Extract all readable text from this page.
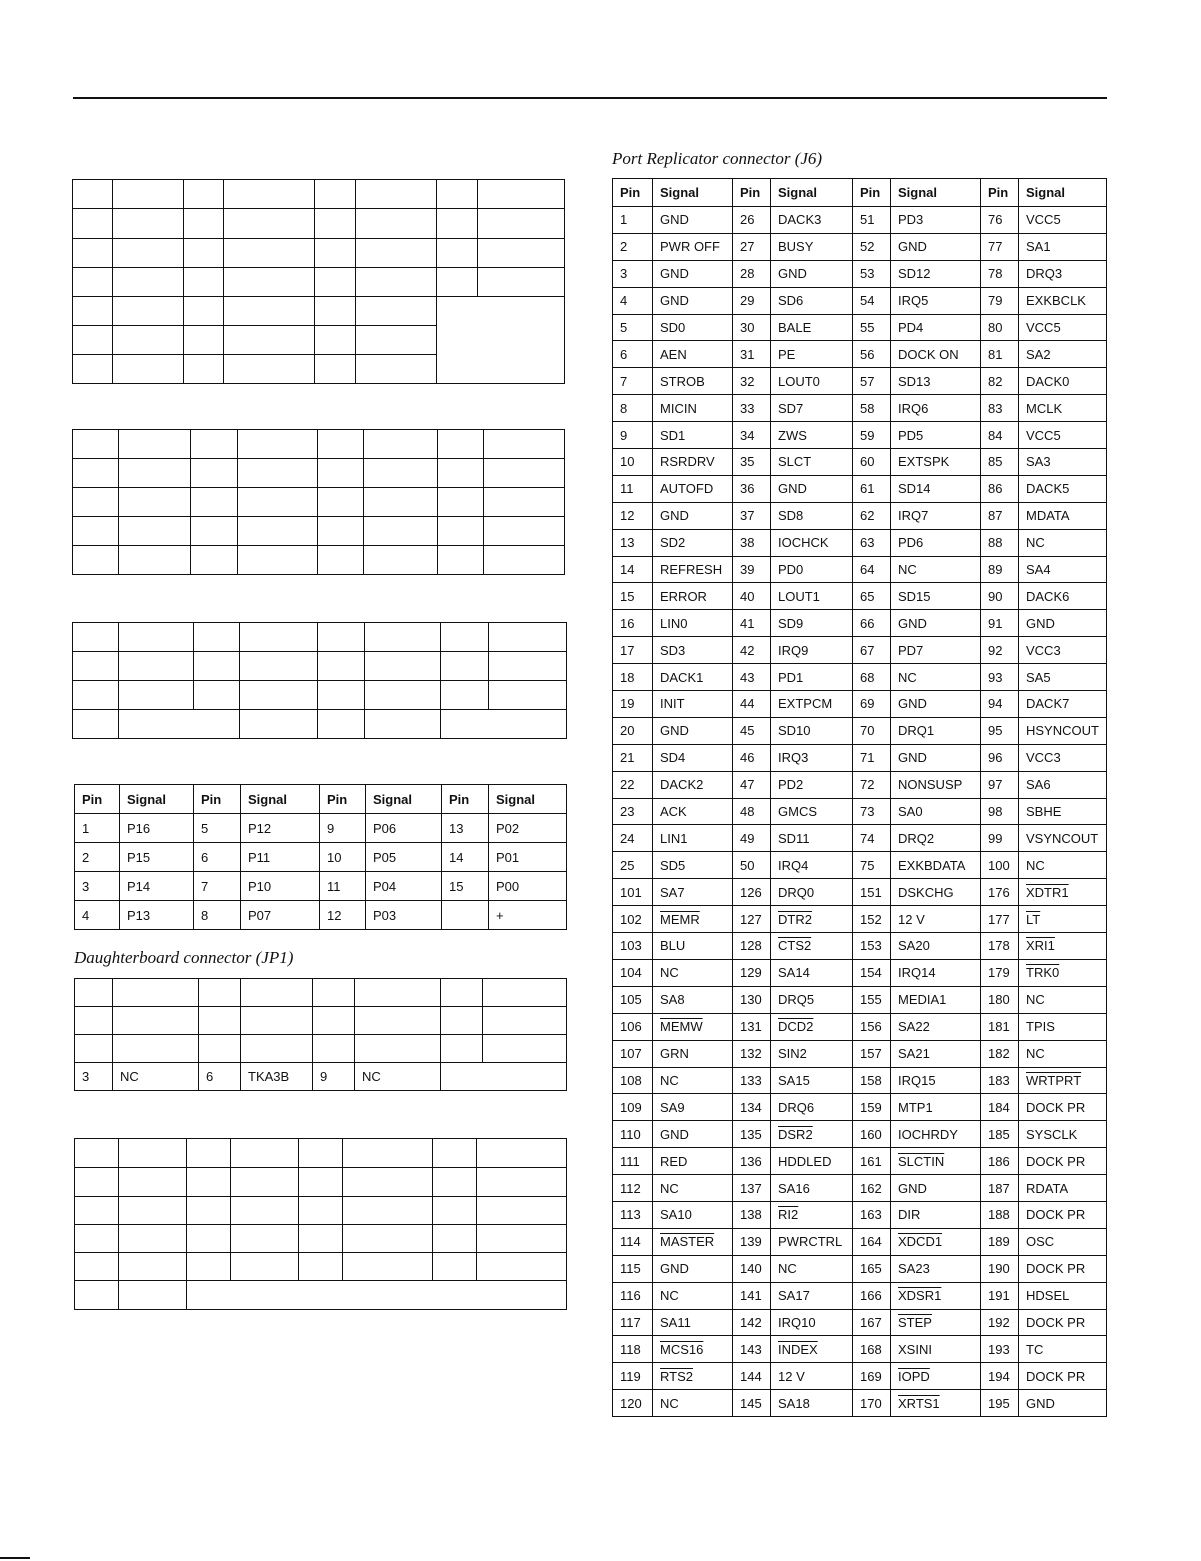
Pin	Signal	Pin	Signal	Pin	Signal	Pin	Signal
1	P16	5	P12	9	P06	13	P02
2	P15	6	P11	10	P05	14	P01
3	P14	7	P10	11	P04	15	P00
4	P13	8	P07	12	P03		+
Daughterboard connector (JP1)

3	NC	6	TKA3B	9	NC		

Port Replicator connector (J6)
Pin	Signal	Pin	Signal	Pin	Signal	Pin	Signal
1	GND	26	DACK3	51	PD3	76	VCC5
2	PWR OFF	27	BUSY	52	GND	77	SA1
3	GND	28	GND	53	SD12	78	DRQ3
4	GND	29	SD6	54	IRQ5	79	EXKBCLK
5	SD0	30	BALE	55	PD4	80	VCC5
6	AEN	31	PE	56	DOCK ON	81	SA2
7	STROB	32	LOUT0	57	SD13	82	DACK0
8	MICIN	33	SD7	58	IRQ6	83	MCLK
9	SD1	34	ZWS	59	PD5	84	VCC5
10	RSRDRV	35	SLCT	60	EXTSPK	85	SA3
11	AUTOFD	36	GND	61	SD14	86	DACK5
12	GND	37	SD8	62	IRQ7	87	MDATA
13	SD2	38	IOCHCK	63	PD6	88	NC
14	REFRESH	39	PD0	64	NC	89	SA4
15	ERROR	40	LOUT1	65	SD15	90	DACK6
16	LIN0	41	SD9	66	GND	91	GND
17	SD3	42	IRQ9	67	PD7	92	VCC3
18	DACK1	43	PD1	68	NC	93	SA5
19	INIT	44	EXTPCM	69	GND	94	DACK7
20	GND	45	SD10	70	DRQ1	95	HSYNCOUT
21	SD4	46	IRQ3	71	GND	96	VCC3
22	DACK2	47	PD2	72	NONSUSP	97	SA6
23	ACK	48	GMCS	73	SA0	98	SBHE
24	LIN1	49	SD11	74	DRQ2	99	VSYNCOUT
25	SD5	50	IRQ4	75	EXKBDATA	100	NC
101	SA7	126	DRQ0	151	DSKCHG	176	XDTR1
102	MEMR	127	DTR2	152	12 V	177	$\overline{LT}$
103	BLU	128	CTS2	153	SA20	178	XRI1
104	NC	129	SA14	154	IRQ14	179	TRK0
105	SA8	130	DRQ5	155	MEDIA1	180	NC
106	MEMW	131	DCD2	156	SA22	181	TPIS
107	GRN	132	SIN2	157	SA21	182	NC
108	NC	133	SA15	158	IRQ15	183	WRTPRT
109	SA9	134	DRQ6	159	MTP1	184	DOCK PR
110	GND	135	DSR2	160	IOCHRDY	185	SYSCLK
111	RED	136	HDDLED	161	SLCTIN	186	DOCK PR
112	NC	137	SA16	162	GND	187	RDATA
113	SA10	138	RI2	163	DIR	188	DOCK PR
114	MASTER	139	PWRCTRL	164	XDCD1	189	OSC
115	GND	140	NC	165	SA23	190	DOCK PR
116	NC	141	SA17	166	XDSR1	191	HDSEL
117	SA11	142	IRQ10	167	STEP	192	DOCK PR
118	MCS16	143	INDEX	168	XSINI	193	TC
119	RTS2	144	12 V	169	IOPD	194	DOCK PR
120	NC	145	SA18	170	XRTS1	195	GND
